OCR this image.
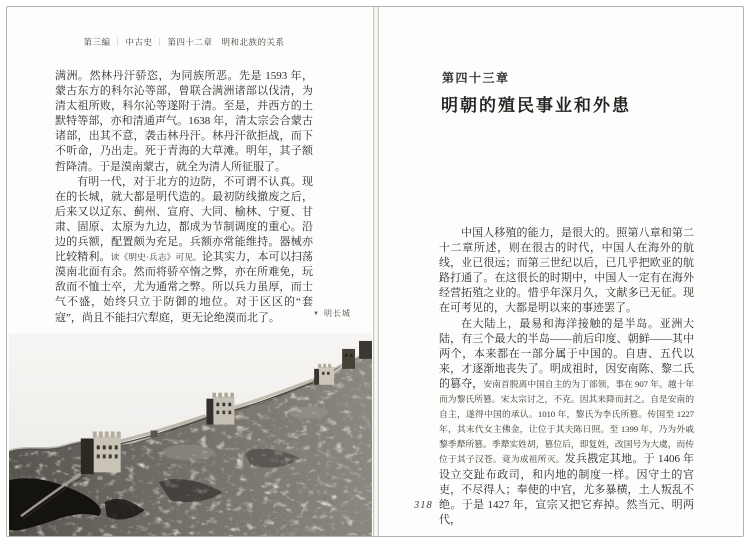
第三编 ｜ 中古史 ｜ 第四十二章　明和北族的关系

满洲。然林丹汗骄恣，为同族所恶。先是 1593 年，蒙古东方的科尔沁等部，曾联合满洲诸部以伐清，为清太祖所败，科尔沁等遂附于清。至是，并西方的土默特等部，亦和清通声气。1638 年，清太宗会合蒙古诸部，出其不意，袭击林丹汗。林丹汗欲拒战，而下不听命，乃出走。死于青海的大草滩。明年，其子额哲降清。于是漠南蒙古，就全为清人所征服了。

有明一代，对于北方的边防，不可谓不认真。现在的长城，就大都是明代造的。最初防线撤废之后，后来又以辽东、蓟州、宣府、大同、榆林、宁夏、甘肃、固原、太原为九边，都成为节制调度的重心。沿边的兵额，配置颇为充足。兵额亦常能维持。器械亦比较精利。读《明史·兵志》可见。论其实力，本可以扫荡漠南北面有余。然而将骄卒惰之弊，亦在所难免，玩敌而不恤士卒，尤为通常之弊。所以兵力虽厚，而士气不盛，始终只立于防御的地位。对于区区的“套寇”，尚且不能扫穴犁庭，更无论绝漠而北了。	▼ 明长城
第四十三章
明朝的殖民事业和外患

中国人移殖的能力，是很大的。照第八章和第二十二章所述，则在很古的时代，中国人在海外的航线，业已很远；而第三世纪以后，已几乎把欧亚的航路打通了。在这很长的时期中，中国人一定有在海外经营拓殖之业的。惜乎年深月久，文献多已无征。现在可考见的，大都是明以来的事迹罢了。

在大陆上，最易和海洋接触的是半岛。亚洲大陆，有三个最大的半岛——前后印度、朝鲜——其中两个，本来都在一部分属于中国的。自唐、五代以来，才逐渐地丧失了。明成祖时，因安南陈、黎二氏的篡夺，安南首脱离中国自主的为丁部领，事在 907 年。越十年而为黎氏所篡。宋太宗讨之，不克。因其来降而封之。自是安南的自主，遂得中国的承认。1010 年，黎氏为李氏所篡。传国至 1227 年，其末代女主佛金，让位于其夫陈日照。至 1399 年，乃为外戚黎季犛所篡。季犛实姓胡，篡位后，即复姓，改国号为大虞，而传位于其子汉苍。竟为成祖所灭。发兵戡定其地。于 1406 年设立交趾布政司，和内地的制度一样。因守土的官吏，不尽得人；奉使的中官，尤多暴横，土人叛乱不绝。于是 1427 年，宣宗又把它弃掉。然当元、明两代，

318
